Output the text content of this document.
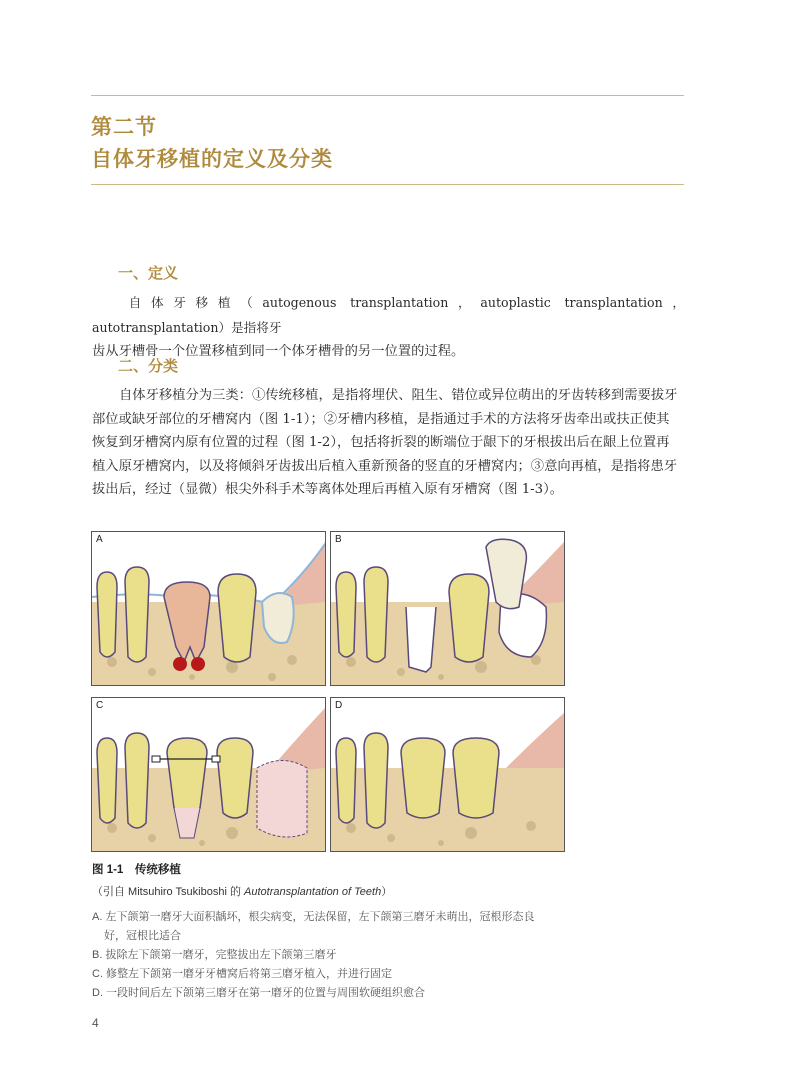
第二节
自体牙移植的定义及分类
一、定义
自体牙移植（autogenous transplantation，autoplastic transplantation，autotransplantation）是指将牙
齿从牙槽骨一个位置移植到同一个体牙槽骨的另一位置的过程。
二、分类
自体牙移植分为三类：①传统移植，是指将埋伏、阻生、错位或异位萌出的牙齿转移到需要拔牙
部位或缺牙部位的牙槽窝内（图 1-1）；②牙槽内移植，是指通过手术的方法将牙齿牵出或扶正使其
恢复到牙槽窝内原有位置的过程（图 1-2），包括将折裂的断端位于龈下的牙根拔出后在龈上位置再
植入原牙槽窝内，以及将倾斜牙齿拔出后植入重新预备的竖直的牙槽窝内；③意向再植，是指将患牙
拔出后，经过（显微）根尖外科手术等离体处理后再植入原有牙槽窝（图 1-3）。
A	B
C	D
图 1-1　传统移植
（引自 Mitsuhiro Tsukiboshi 的 Autotransplantation of Teeth）
A. 左下颌第一磨牙大面积龋坏，根尖病变，无法保留，左下颌第三磨牙未萌出，冠根形态良
好，冠根比适合
B. 拔除左下颌第一磨牙，完整拔出左下颌第三磨牙
C. 修整左下颌第一磨牙牙槽窝后将第三磨牙植入，并进行固定
D. 一段时间后左下颌第三磨牙在第一磨牙的位置与周围软硬组织愈合
4
